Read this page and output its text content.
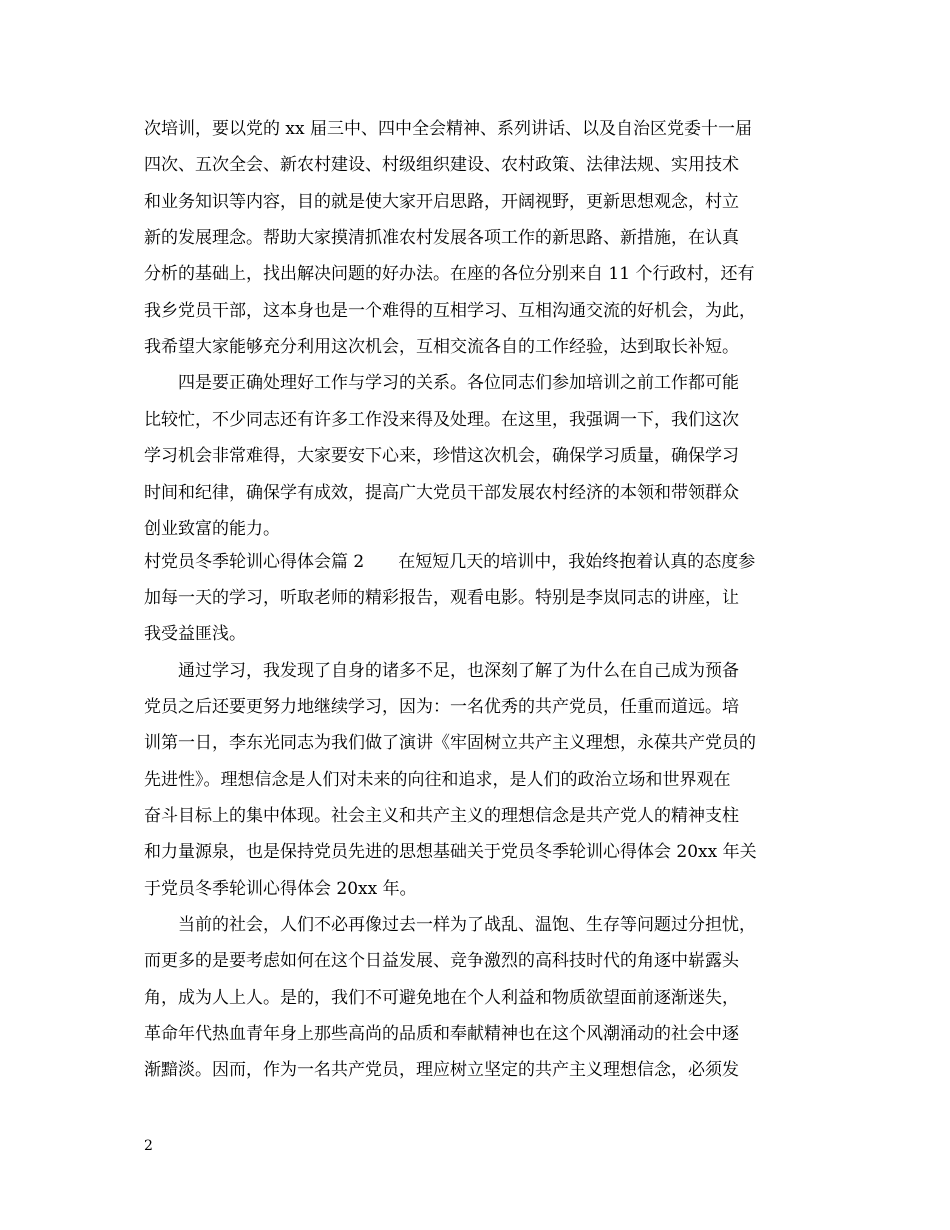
次培训，要以党的 xx 届三中、四中全会精神、系列讲话、以及自治区党委十一届
四次、五次全会、新农村建设、村级组织建设、农村政策、法律法规、实用技术
和业务知识等内容，目的就是使大家开启思路，开阔视野，更新思想观念，村立
新的发展理念。帮助大家摸清抓准农村发展各项工作的新思路、新措施，在认真
分析的基础上，找出解决问题的好办法。在座的各位分别来自 11 个行政村，还有
我乡党员干部，这本身也是一个难得的互相学习、互相沟通交流的好机会，为此，
我希望大家能够充分利用这次机会，互相交流各自的工作经验，达到取长补短。
四是要正确处理好工作与学习的关系。各位同志们参加培训之前工作都可能
比较忙，不少同志还有许多工作没来得及处理。在这里，我强调一下，我们这次
学习机会非常难得，大家要安下心来，珍惜这次机会，确保学习质量，确保学习
时间和纪律，确保学有成效，提高广大党员干部发展农村经济的本领和带领群众
创业致富的能力。
村党员冬季轮训心得体会篇 2　　在短短几天的培训中，我始终抱着认真的态度参
加每一天的学习，听取老师的精彩报告，观看电影。特别是李岚同志的讲座，让
我受益匪浅。
通过学习，我发现了自身的诸多不足，也深刻了解了为什么在自己成为预备
党员之后还要更努力地继续学习，因为：一名优秀的共产党员，任重而道远。培
训第一日，李东光同志为我们做了演讲《牢固树立共产主义理想，永葆共产党员的
先进性》。理想信念是人们对未来的向往和追求，是人们的政治立场和世界观在
奋斗目标上的集中体现。社会主义和共产主义的理想信念是共产党人的精神支柱
和力量源泉，也是保持党员先进的思想基础关于党员冬季轮训心得体会 20xx 年关
于党员冬季轮训心得体会 20xx 年。
当前的社会，人们不必再像过去一样为了战乱、温饱、生存等问题过分担忧，
而更多的是要考虑如何在这个日益发展、竞争激烈的高科技时代的角逐中崭露头
角，成为人上人。是的，我们不可避免地在个人利益和物质欲望面前逐渐迷失，
革命年代热血青年身上那些高尚的品质和奉献精神也在这个风潮涌动的社会中逐
渐黯淡。因而，作为一名共产党员，理应树立坚定的共产主义理想信念，必须发
2
